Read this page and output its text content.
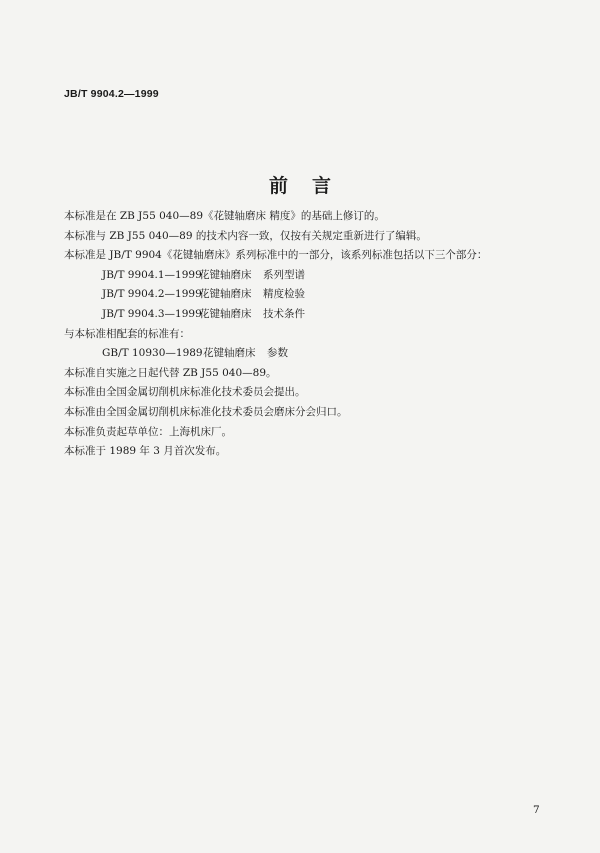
JB/T 9904.2—1999
前言
本标准是在 ZB J55 040—89《花键轴磨床 精度》的基础上修订的。
本标准与 ZB J55 040—89 的技术内容一致，仅按有关规定重新进行了编辑。
本标准是 JB/T 9904《花键轴磨床》系列标准中的一部分，该系列标准包括以下三个部分：
JB/T 9904.1—1999
花键轴磨床	系列型谱
JB/T 9904.2—1999
花键轴磨床	精度检验
JB/T 9904.3—1999
花键轴磨床	技术条件
与本标准相配套的标准有：
GB/T 10930—1989 花键轴磨床	参数
本标准自实施之日起代替 ZB J55 040—89。
本标准由全国金属切削机床标准化技术委员会提出。
本标准由全国金属切削机床标准化技术委员会磨床分会归口。
本标准负责起草单位：上海机床厂。
本标准于 1989 年 3 月首次发布。
7
